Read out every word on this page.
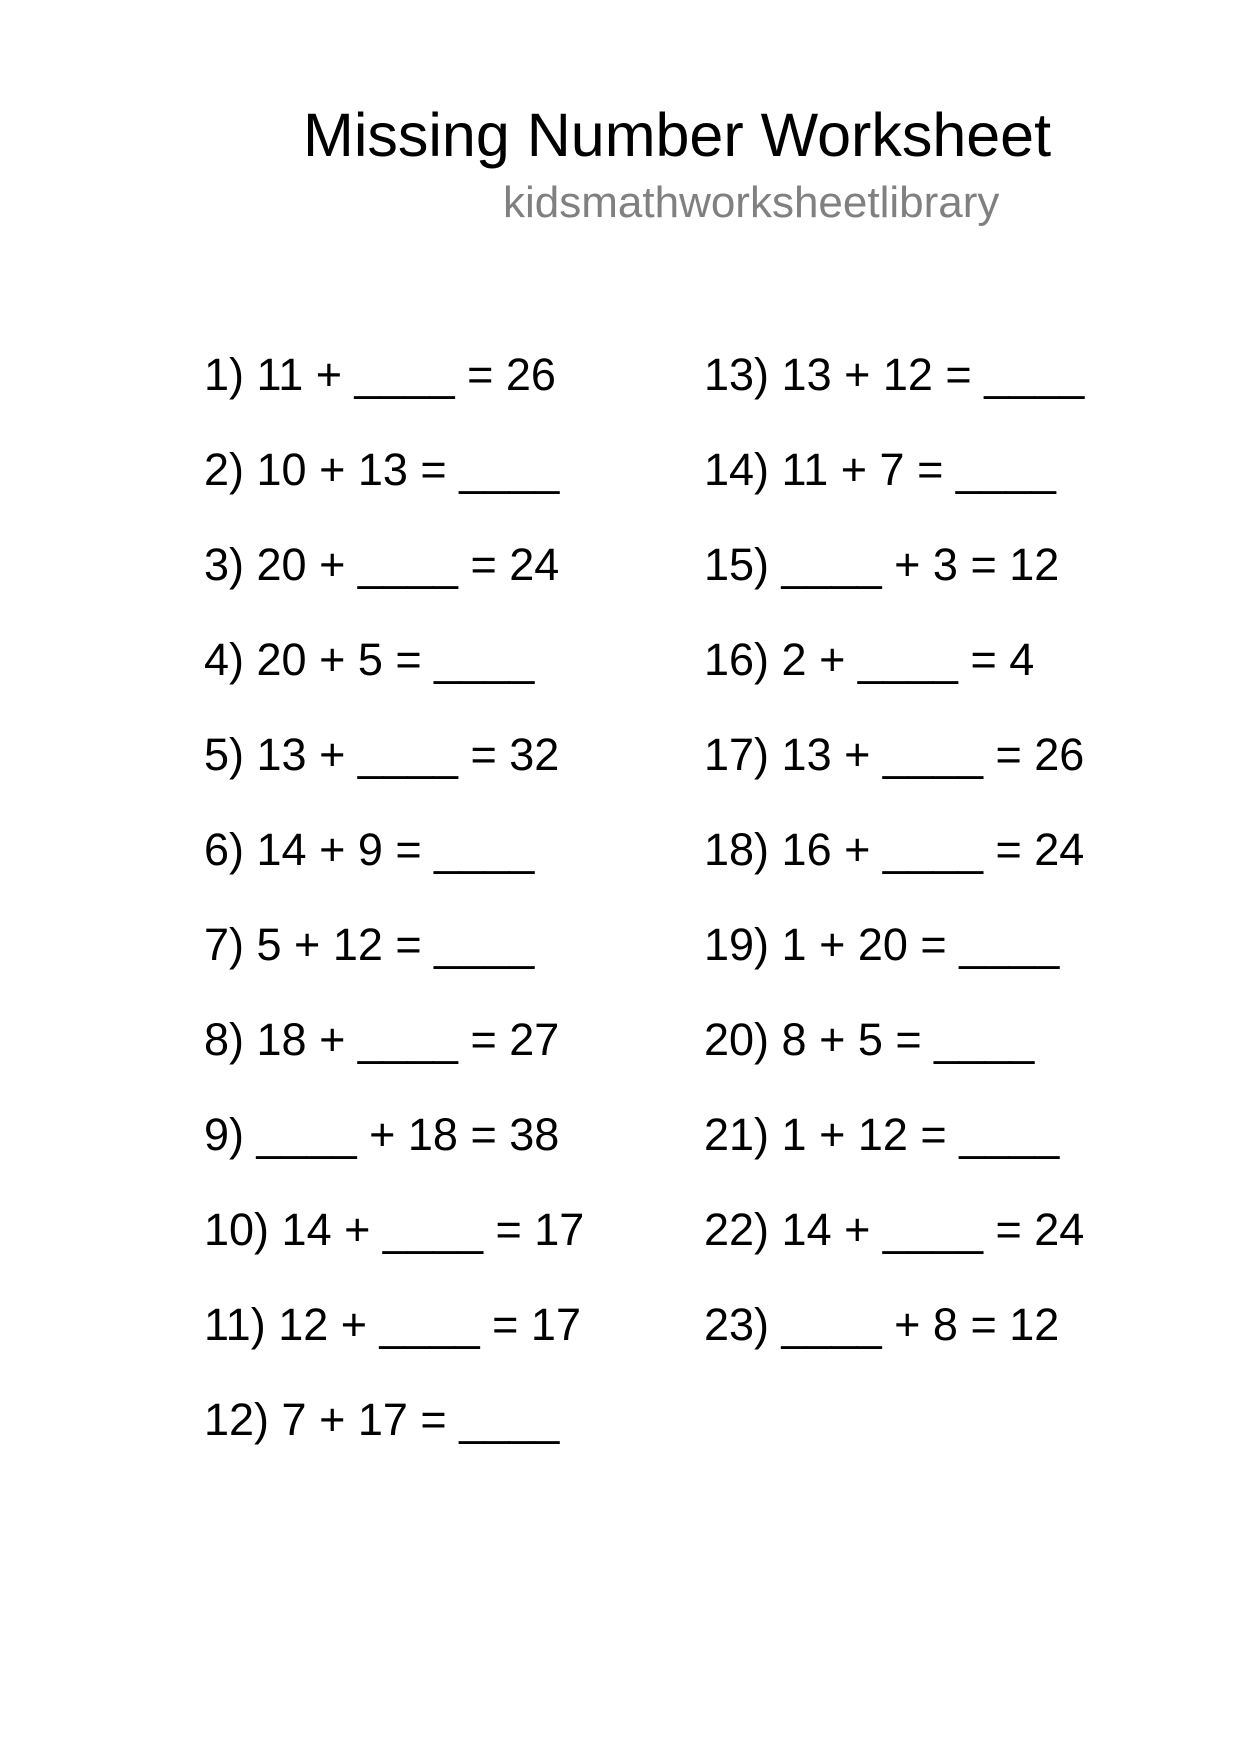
Missing Number Worksheet
kidsmathworksheetlibrary
1) 11 + ____ = 26
2) 10 + 13 = ____
3) 20 + ____ = 24
4) 20 + 5 = ____
5) 13 + ____ = 32
6) 14 + 9 = ____
7) 5 + 12 = ____
8) 18 + ____ = 27
9) ____ + 18 = 38
10) 14 + ____ = 17
11) 12 + ____ = 17
12) 7 + 17 = ____
13) 13 + 12 = ____
14) 11 + 7 = ____
15) ____ + 3 = 12
16) 2 + ____ = 4
17) 13 + ____ = 26
18) 16 + ____ = 24
19) 1 + 20 = ____
20) 8 + 5 = ____
21) 1 + 12 = ____
22) 14 + ____ = 24
23) ____ + 8 = 12
